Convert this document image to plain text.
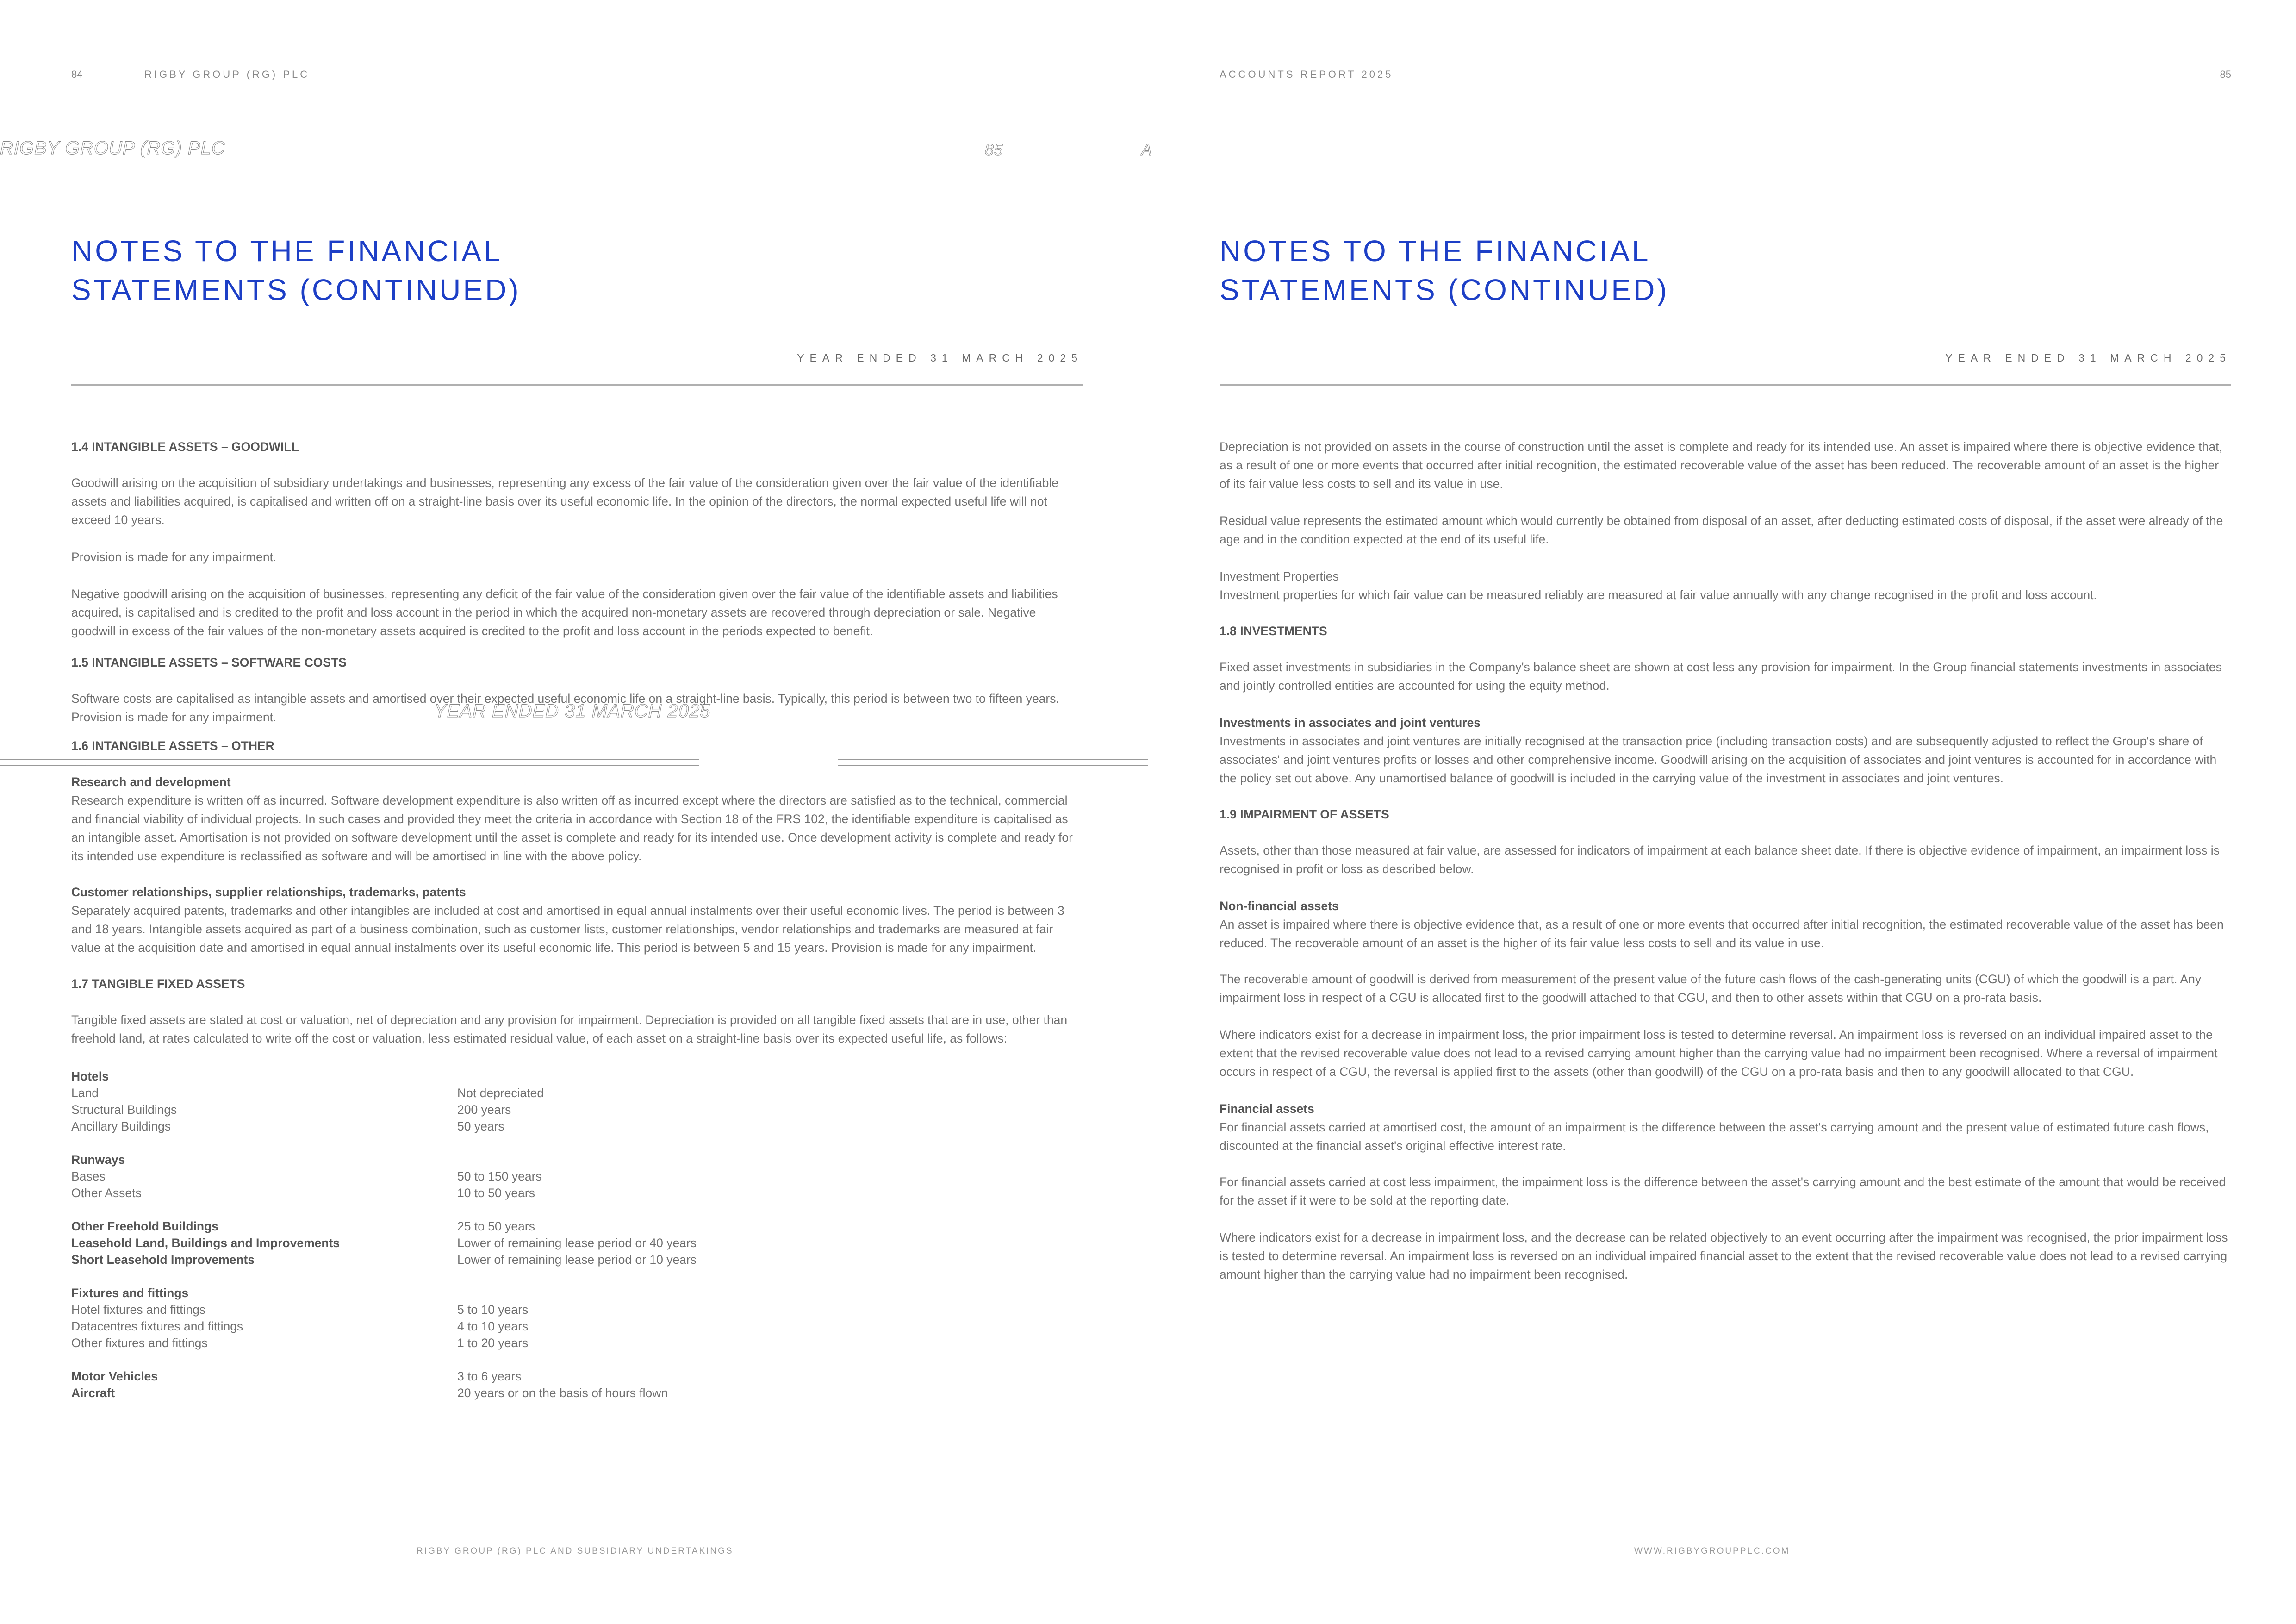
84	RIGBY GROUP (RG) PLC
RIGBY GROUP (RG) PLC	85	A
NOTES TO THE FINANCIAL STATEMENTS (CONTINUED)
YEAR ENDED 31 MARCH 2025
YEAR ENDED 31 MARCH 2025
1.4 INTANGIBLE ASSETS – GOODWILL

Goodwill arising on the acquisition of subsidiary undertakings and businesses, representing any excess of the fair value of the consideration given over the fair value of the identifiable assets and liabilities acquired, is capitalised and written off on a straight-line basis over its useful economic life. In the opinion of the directors, the normal expected useful life will not exceed 10 years.

Provision is made for any impairment.

Negative goodwill arising on the acquisition of businesses, representing any deficit of the fair value of the consideration given over the fair value of the identifiable assets and liabilities acquired, is capitalised and is credited to the profit and loss account in the period in which the acquired non-monetary assets are recovered through depreciation or sale. Negative goodwill in excess of the fair values of the non-monetary assets acquired is credited to the profit and loss account in the periods expected to benefit.

1.5 INTANGIBLE ASSETS – SOFTWARE COSTS

Software costs are capitalised as intangible assets and amortised over their expected useful economic life on a straight-line basis. Typically, this period is between two to fifteen years. Provision is made for any impairment.

1.6 INTANGIBLE ASSETS – OTHER
Research and development
Research expenditure is written off as incurred. Software development expenditure is also written off as incurred except where the directors are satisfied as to the technical, commercial and financial viability of individual projects. In such cases and provided they meet the criteria in accordance with Section 18 of the FRS 102, the identifiable expenditure is capitalised as an intangible asset. Amortisation is not provided on software development until the asset is complete and ready for its intended use. Once development activity is complete and ready for its intended use expenditure is reclassified as software and will be amortised in line with the above policy.
Customer relationships, supplier relationships, trademarks, patents
Separately acquired patents, trademarks and other intangibles are included at cost and amortised in equal annual instalments over their useful economic lives. The period is between 3 and 18 years. Intangible assets acquired as part of a business combination, such as customer lists, customer relationships, vendor relationships and trademarks are measured at fair value at the acquisition date and amortised in equal annual instalments over its useful economic life. This period is between 5 and 15 years. Provision is made for any impairment.
1.7 TANGIBLE FIXED ASSETS

Tangible fixed assets are stated at cost or valuation, net of depreciation and any provision for impairment. Depreciation is provided on all tangible fixed assets that are in use, other than freehold land, at rates calculated to write off the cost or valuation, less estimated residual value, of each asset on a straight-line basis over its expected useful life, as follows:

Hotels
Land	Not depreciated
Structural Buildings	200 years
Ancillary Buildings	50 years
Runways
Bases	50 to 150 years
Other Assets	10 to 50 years
Other Freehold Buildings	25 to 50 years
Leasehold Land, Buildings and Improvements	Lower of remaining lease period or 40 years
Short Leasehold Improvements	Lower of remaining lease period or 10 years
Fixtures and fittings
Hotel fixtures and fittings	5 to 10 years
Datacentres fixtures and fittings	4 to 10 years
Other fixtures and fittings	1 to 20 years
Motor Vehicles	3 to 6 years
Aircraft	20 years or on the basis of hours flown
RIGBY GROUP (RG) PLC AND SUBSIDIARY UNDERTAKINGS
ACCOUNTS REPORT 2025	85
NOTES TO THE FINANCIAL STATEMENTS (CONTINUED)
YEAR ENDED 31 MARCH 2025

Depreciation is not provided on assets in the course of construction until the asset is complete and ready for its intended use. An asset is impaired where there is objective evidence that, as a result of one or more events that occurred after initial recognition, the estimated recoverable value of the asset has been reduced. The recoverable amount of an asset is the higher of its fair value less costs to sell and its value in use.

Residual value represents the estimated amount which would currently be obtained from disposal of an asset, after deducting estimated costs of disposal, if the asset were already of the age and in the condition expected at the end of its useful life.

Investment Properties
Investment properties for which fair value can be measured reliably are measured at fair value annually with any change recognised in the profit and loss account.
1.8 INVESTMENTS

Fixed asset investments in subsidiaries in the Company's balance sheet are shown at cost less any provision for impairment. In the Group financial statements investments in associates and jointly controlled entities are accounted for using the equity method.

Investments in associates and joint ventures
Investments in associates and joint ventures are initially recognised at the transaction price (including transaction costs) and are subsequently adjusted to reflect the Group's share of associates' and joint ventures profits or losses and other comprehensive income. Goodwill arising on the acquisition of associates and joint ventures is accounted for in accordance with the policy set out above. Any unamortised balance of goodwill is included in the carrying value of the investment in associates and joint ventures.
1.9 IMPAIRMENT OF ASSETS

Assets, other than those measured at fair value, are assessed for indicators of impairment at each balance sheet date. If there is objective evidence of impairment, an impairment loss is recognised in profit or loss as described below.

Non-financial assets
An asset is impaired where there is objective evidence that, as a result of one or more events that occurred after initial recognition, the estimated recoverable value of the asset has been reduced. The recoverable amount of an asset is the higher of its fair value less costs to sell and its value in use.

The recoverable amount of goodwill is derived from measurement of the present value of the future cash flows of the cash-generating units (CGU) of which the goodwill is a part. Any impairment loss in respect of a CGU is allocated first to the goodwill attached to that CGU, and then to other assets within that CGU on a pro-rata basis.

Where indicators exist for a decrease in impairment loss, the prior impairment loss is tested to determine reversal. An impairment loss is reversed on an individual impaired asset to the extent that the revised recoverable value does not lead to a revised carrying amount higher than the carrying value had no impairment been recognised. Where a reversal of impairment occurs in respect of a CGU, the reversal is applied first to the assets (other than goodwill) of the CGU on a pro-rata basis and then to any goodwill allocated to that CGU.

Financial assets
For financial assets carried at amortised cost, the amount of an impairment is the difference between the asset's carrying amount and the present value of estimated future cash flows, discounted at the financial asset's original effective interest rate.

For financial assets carried at cost less impairment, the impairment loss is the difference between the asset's carrying amount and the best estimate of the amount that would be received for the asset if it were to be sold at the reporting date.

Where indicators exist for a decrease in impairment loss, and the decrease can be related objectively to an event occurring after the impairment was recognised, the prior impairment loss is tested to determine reversal. An impairment loss is reversed on an individual impaired financial asset to the extent that the revised recoverable value does not lead to a revised carrying amount higher than the carrying value had no impairment been recognised.

WWW.RIGBYGROUPPLC.COM
